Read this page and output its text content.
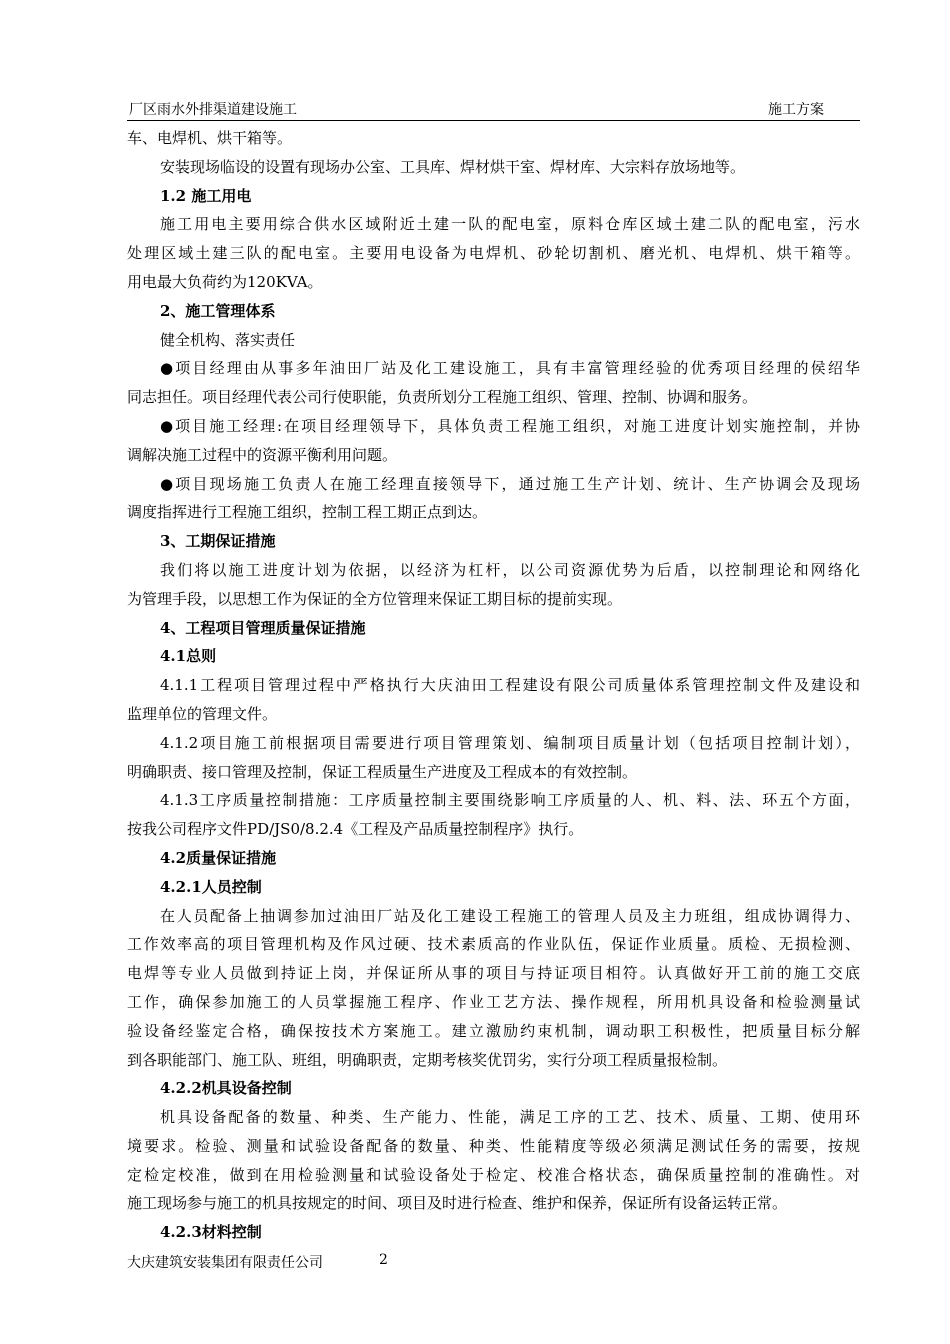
厂区雨水外排渠道建设施工	施工方案
车、电焊机、烘干箱等。
安装现场临设的设置有现场办公室、工具库、焊材烘干室、焊材库、大宗料存放场地等。
1.2 施工用电
施工用电主要用综合供水区域附近土建一队的配电室，原料仓库区域土建二队的配电室，污水
处理区域土建三队的配电室。主要用电设备为电焊机、砂轮切割机、磨光机、电焊机、烘干箱等。
用电最大负荷约为120KVA。
2、施工管理体系
健全机构、落实责任
●项目经理由从事多年油田厂站及化工建设施工，具有丰富管理经验的优秀项目经理的侯绍华
同志担任。项目经理代表公司行使职能，负责所划分工程施工组织、管理、控制、协调和服务。
●项目施工经理:在项目经理领导下，具体负责工程施工组织，对施工进度计划实施控制，并协
调解决施工过程中的资源平衡利用问题。
●项目现场施工负责人在施工经理直接领导下，通过施工生产计划、统计、生产协调会及现场
调度指挥进行工程施工组织，控制工程工期正点到达。
3、工期保证措施
我们将以施工进度计划为依据，以经济为杠杆，以公司资源优势为后盾，以控制理论和网络化
为管理手段，以思想工作为保证的全方位管理来保证工期目标的提前实现。
4、工程项目管理质量保证措施
4.1总则
4.1.1工程项目管理过程中严格执行大庆油田工程建设有限公司质量体系管理控制文件及建设和
监理单位的管理文件。
4.1.2项目施工前根据项目需要进行项目管理策划、编制项目质量计划（包括项目控制计划），
明确职责、接口管理及控制，保证工程质量生产进度及工程成本的有效控制。
4.1.3工序质量控制措施：工序质量控制主要围绕影响工序质量的人、机、料、法、环五个方面，
按我公司程序文件PD/JS0/8.2.4《工程及产品质量控制程序》执行。
4.2质量保证措施
4.2.1人员控制
在人员配备上抽调参加过油田厂站及化工建设工程施工的管理人员及主力班组，组成协调得力、
工作效率高的项目管理机构及作风过硬、技术素质高的作业队伍，保证作业质量。质检、无损检测、
电焊等专业人员做到持证上岗，并保证所从事的项目与持证项目相符。认真做好开工前的施工交底
工作，确保参加施工的人员掌握施工程序、作业工艺方法、操作规程，所用机具设备和检验测量试
验设备经鉴定合格，确保按技术方案施工。建立激励约束机制，调动职工积极性，把质量目标分解
到各职能部门、施工队、班组，明确职责，定期考核奖优罚劣，实行分项工程质量报检制。
4.2.2机具设备控制
机具设备配备的数量、种类、生产能力、性能，满足工序的工艺、技术、质量、工期、使用环
境要求。检验、测量和试验设备配备的数量、种类、性能精度等级必须满足测试任务的需要，按规
定检定校准，做到在用检验测量和试验设备处于检定、校准合格状态，确保质量控制的准确性。对
施工现场参与施工的机具按规定的时间、项目及时进行检查、维护和保养，保证所有设备运转正常。
4.2.3材料控制
大庆建筑安装集团有限责任公司	2
